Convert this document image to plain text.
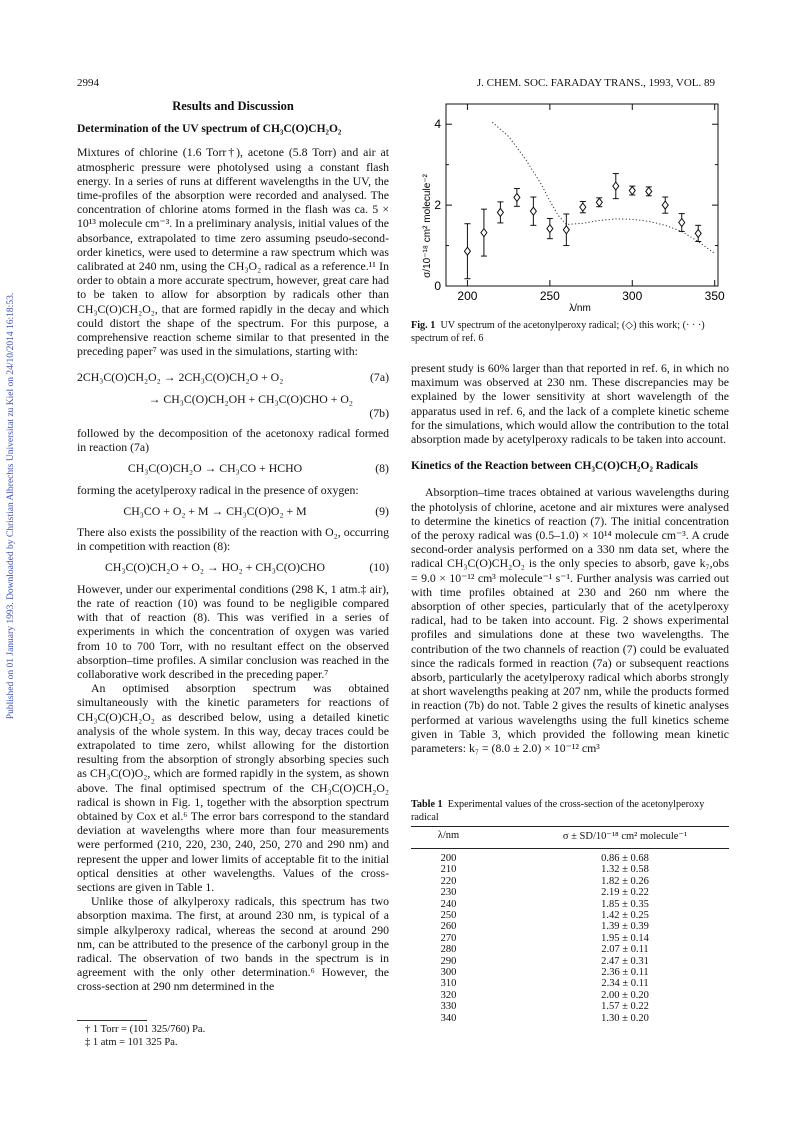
Published on 01 January 1993. Downloaded by Christian Albrechts Universitat zu Kiel on 24/10/2014 16:18:53.
2994	J. CHEM. SOC. FARADAY TRANS., 1993, VOL. 89
Results and Discussion
Determination of the UV spectrum of CH₃C(O)CH₂O₂

Mixtures of chlorine (1.6 Torr†), acetone (5.8 Torr) and air at atmospheric pressure were photolysed using a constant flash energy. In a series of runs at different wavelengths in the UV, the time-profiles of the absorption were recorded and analysed. The concentration of chlorine atoms formed in the flash was ca. 5 × 10¹³ molecule cm⁻³. In a preliminary analysis, initial values of the absorbance, extrapolated to time zero assuming pseudo-second-order kinetics, were used to determine a raw spectrum which was calibrated at 240 nm, using the CH₃O₂ radical as a reference.¹¹ In order to obtain a more accurate spectrum, however, great care had to be taken to allow for absorption by radicals other than CH₃C(O)CH₂O₂, that are formed rapidly in the decay and which could distort the shape of the spectrum. For this purpose, a comprehensive reaction scheme similar to that presented in the preceding paper⁷ was used in the simulations, starting with:

2CH₃C(O)CH₂O₂ → 2CH₃C(O)CH₂O + O₂	(7a)
→ CH₃C(O)CH₂OH + CH₃C(O)CHO + O₂
(7b)

followed by the decomposition of the acetonoxy radical formed in reaction (7a)

CH₃C(O)CH₂O → CH₃CO + HCHO	(8)

forming the acetylperoxy radical in the presence of oxygen:

CH₃CO + O₂ + M → CH₃C(O)O₂ + M	(9)

There also exists the possibility of the reaction with O₂, occurring in competition with reaction (8):

CH₃C(O)CH₂O + O₂ → HO₂ + CH₃C(O)CHO	(10)

However, under our experimental conditions (298 K, 1 atm.‡ air), the rate of reaction (10) was found to be negligible compared with that of reaction (8). This was verified in a series of experiments in which the concentration of oxygen was varied from 10 to 700 Torr, with no resultant effect on the observed absorption–time profiles. A similar conclusion was reached in the collaborative work described in the preceding paper.⁷

An optimised absorption spectrum was obtained simultaneously with the kinetic parameters for reactions of CH₃C(O)CH₂O₂ as described below, using a detailed kinetic analysis of the whole system. In this way, decay traces could be extrapolated to time zero, whilst allowing for the distortion resulting from the absorption of strongly absorbing species such as CH₃C(O)O₂, which are formed rapidly in the system, as shown above. The final optimised spectrum of the CH₃C(O)CH₂O₂ radical is shown in Fig. 1, together with the absorption spectrum obtained by Cox et al.⁶ The error bars correspond to the standard deviation at wavelengths where more than four measurements were performed (210, 220, 230, 240, 250, 270 and 290 nm) and represent the upper and lower limits of acceptable fit to the initial optical densities at other wavelengths. Values of the cross-sections are given in Table 1.

Unlike those of alkylperoxy radicals, this spectrum has two absorption maxima. The first, at around 230 nm, is typical of a simple alkylperoxy radical, whereas the second at around 290 nm, can be attributed to the presence of the carbonyl group in the radical. The observation of two bands in the spectrum is in agreement with the only other determination.⁶ However, the cross-section at 290 nm determined in the

† 1 Torr = (101 325/760) Pa.
‡ 1 atm = 101 325 Pa.
200	250	300	350
0
2
4
σ/10⁻¹⁸ cm² molecule⁻²
λ/nm
Fig. 1 UV spectrum of the acetonylperoxy radical; (◇) this work; (· · ·) spectrum of ref. 6

present study is 60% larger than that reported in ref. 6, in which no maximum was observed at 230 nm. These discrepancies may be explained by the lower sensitivity at short wavelength of the apparatus used in ref. 6, and the lack of a complete kinetic scheme for the simulations, which would allow the contribution to the total absorption made by acetylperoxy radicals to be taken into account.

Kinetics of the Reaction between CH₃C(O)CH₂O₂ Radicals

Absorption–time traces obtained at various wavelengths during the photolysis of chlorine, acetone and air mixtures were analysed to determine the kinetics of reaction (7). The initial concentration of the peroxy radical was (0.5–1.0) × 10¹⁴ molecule cm⁻³. A crude second-order analysis performed on a 330 nm data set, where the radical CH₃C(O)CH₂O₂ is the only species to absorb, gave k₇,obs = 9.0 × 10⁻¹² cm³ molecule⁻¹ s⁻¹. Further analysis was carried out with time profiles obtained at 230 and 260 nm where the absorption of other species, particularly that of the acetylperoxy radical, had to be taken into account. Fig. 2 shows experimental profiles and simulations done at these two wavelengths. The contribution of the two channels of reaction (7) could be evaluated since the radicals formed in reaction (7a) or subsequent reactions absorb, particularly the acetylperoxy radical which aborbs strongly at short wavelengths peaking at 207 nm, while the products formed in reaction (7b) do not. Table 2 gives the results of kinetic analyses performed at various wavelengths using the full kinetics scheme given in Table 3, which provided the following mean kinetic parameters: k₇ = (8.0 ± 2.0) × 10⁻¹² cm³

Table 1 Experimental values of the cross-section of the acetonylperoxy radical
λ/nm	σ ± SD/10⁻¹⁸ cm² molecule⁻¹
200	0.86 ± 0.68
210	1.32 ± 0.58
220	1.82 ± 0.26
230	2.19 ± 0.22
240	1.85 ± 0.35
250	1.42 ± 0.25
260	1.39 ± 0.39
270	1.95 ± 0.14
280	2.07 ± 0.11
290	2.47 ± 0.31
300	2.36 ± 0.11
310	2.34 ± 0.11
320	2.00 ± 0.20
330	1.57 ± 0.22
340	1.30 ± 0.20
